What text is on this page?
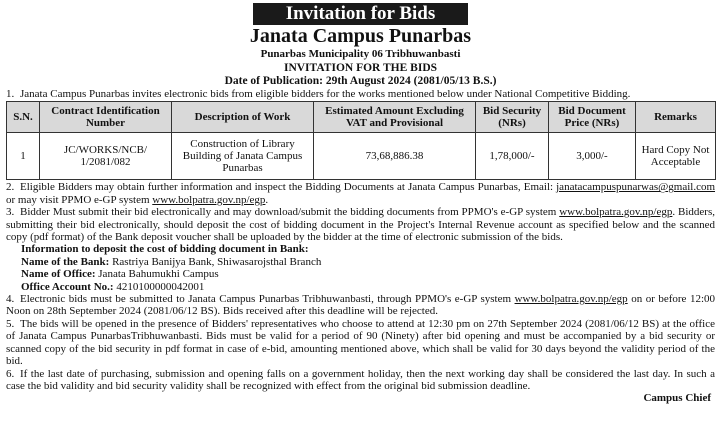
Invitation for Bids
Janata Campus Punarbas
Punarbas Municipality 06 Tribhuwanbasti
INVITATION FOR THE BIDS
Date of Publication: 29th August 2024 (2081/05/13 B.S.)

1. Janata Campus Punarbas invites electronic bids from eligible bidders for the works mentioned below under National Competitive Bidding.

S.N.	Contract Identification Number	Description of Work	Estimated Amount Excluding VAT and Provisional	Bid Security (NRs)	Bid Document Price (NRs)	Remarks
1	JC/WORKS/NCB/ 1/2081/082	Construction of Library Building of Janata Campus Punarbas	73,68,886.38	1,78,000/-	3,000/-	Hard Copy Not Acceptable

2. Eligible Bidders may obtain further information and inspect the Bidding Documents at Janata Campus Punarbas, Email: janatacampuspunarwas@gmail.com or may visit PPMO e-GP system www.bolpatra.gov.np/egp.

3. Bidder Must submit their bid electronically and may download/submit the bidding documents from PPMO's e-GP system www.bolpatra.gov.np/egp. Bidders, submitting their bid electronically, should deposit the cost of bidding document in the Project's Internal Revenue account as specified below and the scanned copy (pdf format) of the Bank deposit voucher shall be uploaded by the bidder at the time of electronic submission of the bids.

Information to deposit the cost of bidding document in Bank:

Name of the Bank: Rastriya Banijya Bank, Shiwasarojsthal Branch

Name of Office: Janata Bahumukhi Campus

Office Account No.: 4210100000042001

4. Electronic bids must be submitted to Janata Campus Punarbas Tribhuwanbasti, through PPMO's e-GP system www.bolpatra.gov.np/egp on or before 12:00 Noon on 28th September 2024 (2081/06/12 BS). Bids received after this deadline will be rejected.

5. The bids will be opened in the presence of Bidders' representatives who choose to attend at 12:30 pm on 27th September 2024 (2081/06/12 BS) at the office of Janata Campus PunarbasTribhuwanbasti. Bids must be valid for a period of 90 (Ninety) after bid opening and must be accompanied by a bid security or scanned copy of the bid security in pdf format in case of e-bid, amounting mentioned above, which shall be valid for 30 days beyond the validity period of the bid.

6. If the last date of purchasing, submission and opening falls on a government holiday, then the next working day shall be considered the last day. In such a case the bid validity and bid security validity shall be recognized with effect from the original bid submission deadline.

Campus Chief
